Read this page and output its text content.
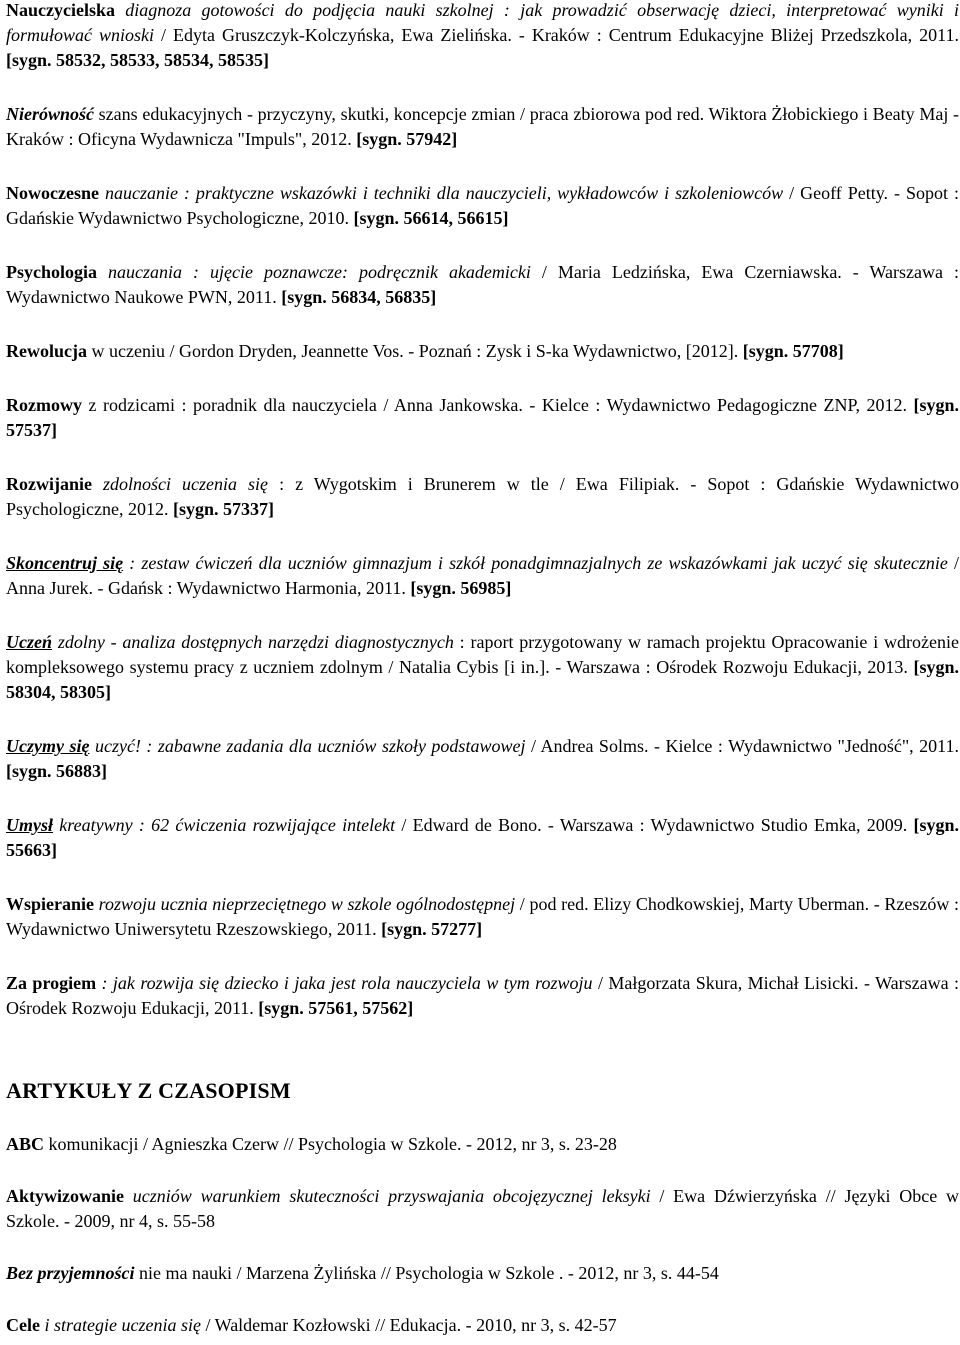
Nauczycielska diagnoza gotowości do podjęcia nauki szkolnej : jak prowadzić obserwację dzieci, interpretować wyniki i formułować wnioski / Edyta Gruszczyk-Kolczyńska, Ewa Zielińska. - Kraków : Centrum Edukacyjne Bliżej Przedszkola, 2011. [sygn. 58532, 58533, 58534, 58535]

Nierówność szans edukacyjnych - przyczyny, skutki, koncepcje zmian / praca zbiorowa pod red. Wiktora Żłobickiego i Beaty Maj - Kraków : Oficyna Wydawnicza "Impuls", 2012. [sygn. 57942]

Nowoczesne nauczanie : praktyczne wskazówki i techniki dla nauczycieli, wykładowców i szkoleniowców / Geoff Petty. - Sopot : Gdańskie Wydawnictwo Psychologiczne, 2010. [sygn. 56614, 56615]

Psychologia nauczania : ujęcie poznawcze: podręcznik akademicki / Maria Ledzińska, Ewa Czerniawska. - Warszawa : Wydawnictwo Naukowe PWN, 2011. [sygn. 56834, 56835]

Rewolucja w uczeniu / Gordon Dryden, Jeannette Vos. - Poznań : Zysk i S-ka Wydawnictwo, [2012]. [sygn. 57708]

Rozmowy z rodzicami : poradnik dla nauczyciela / Anna Jankowska. - Kielce : Wydawnictwo Pedagogiczne ZNP, 2012. [sygn. 57537]

Rozwijanie zdolności uczenia się : z Wygotskim i Brunerem w tle / Ewa Filipiak. - Sopot : Gdańskie Wydawnictwo Psychologiczne, 2012. [sygn. 57337]

Skoncentruj się : zestaw ćwiczeń dla uczniów gimnazjum i szkół ponadgimnazjalnych ze wskazówkami jak uczyć się skutecznie / Anna Jurek. - Gdańsk : Wydawnictwo Harmonia, 2011. [sygn. 56985]

Uczeń zdolny - analiza dostępnych narzędzi diagnostycznych : raport przygotowany w ramach projektu Opracowanie i wdrożenie kompleksowego systemu pracy z uczniem zdolnym / Natalia Cybis [i in.]. - Warszawa : Ośrodek Rozwoju Edukacji, 2013. [sygn. 58304, 58305]

Uczymy się uczyć! : zabawne zadania dla uczniów szkoły podstawowej / Andrea Solms. - Kielce : Wydawnictwo "Jedność", 2011. [sygn. 56883]

Umysł kreatywny : 62 ćwiczenia rozwijające intelekt / Edward de Bono. - Warszawa : Wydawnictwo Studio Emka, 2009. [sygn. 55663]

Wspieranie rozwoju ucznia nieprzeciętnego w szkole ogólnodostępnej / pod red. Elizy Chodkowskiej, Marty Uberman. - Rzeszów : Wydawnictwo Uniwersytetu Rzeszowskiego, 2011. [sygn. 57277]

Za progiem : jak rozwija się dziecko i jaka jest rola nauczyciela w tym rozwoju / Małgorzata Skura, Michał Lisicki. - Warszawa : Ośrodek Rozwoju Edukacji, 2011. [sygn. 57561, 57562]

ARTYKUŁY Z CZASOPISM

ABC komunikacji / Agnieszka Czerw // Psychologia w Szkole. - 2012, nr 3, s. 23-28

Aktywizowanie uczniów warunkiem skuteczności przyswajania obcojęzycznej leksyki / Ewa Dźwierzyńska // Języki Obce w Szkole. - 2009, nr 4, s. 55-58

Bez przyjemności nie ma nauki / Marzena Żylińska // Psychologia w Szkole . - 2012, nr 3, s. 44-54

Cele i strategie uczenia się / Waldemar Kozłowski // Edukacja. - 2010, nr 3, s. 42-57
